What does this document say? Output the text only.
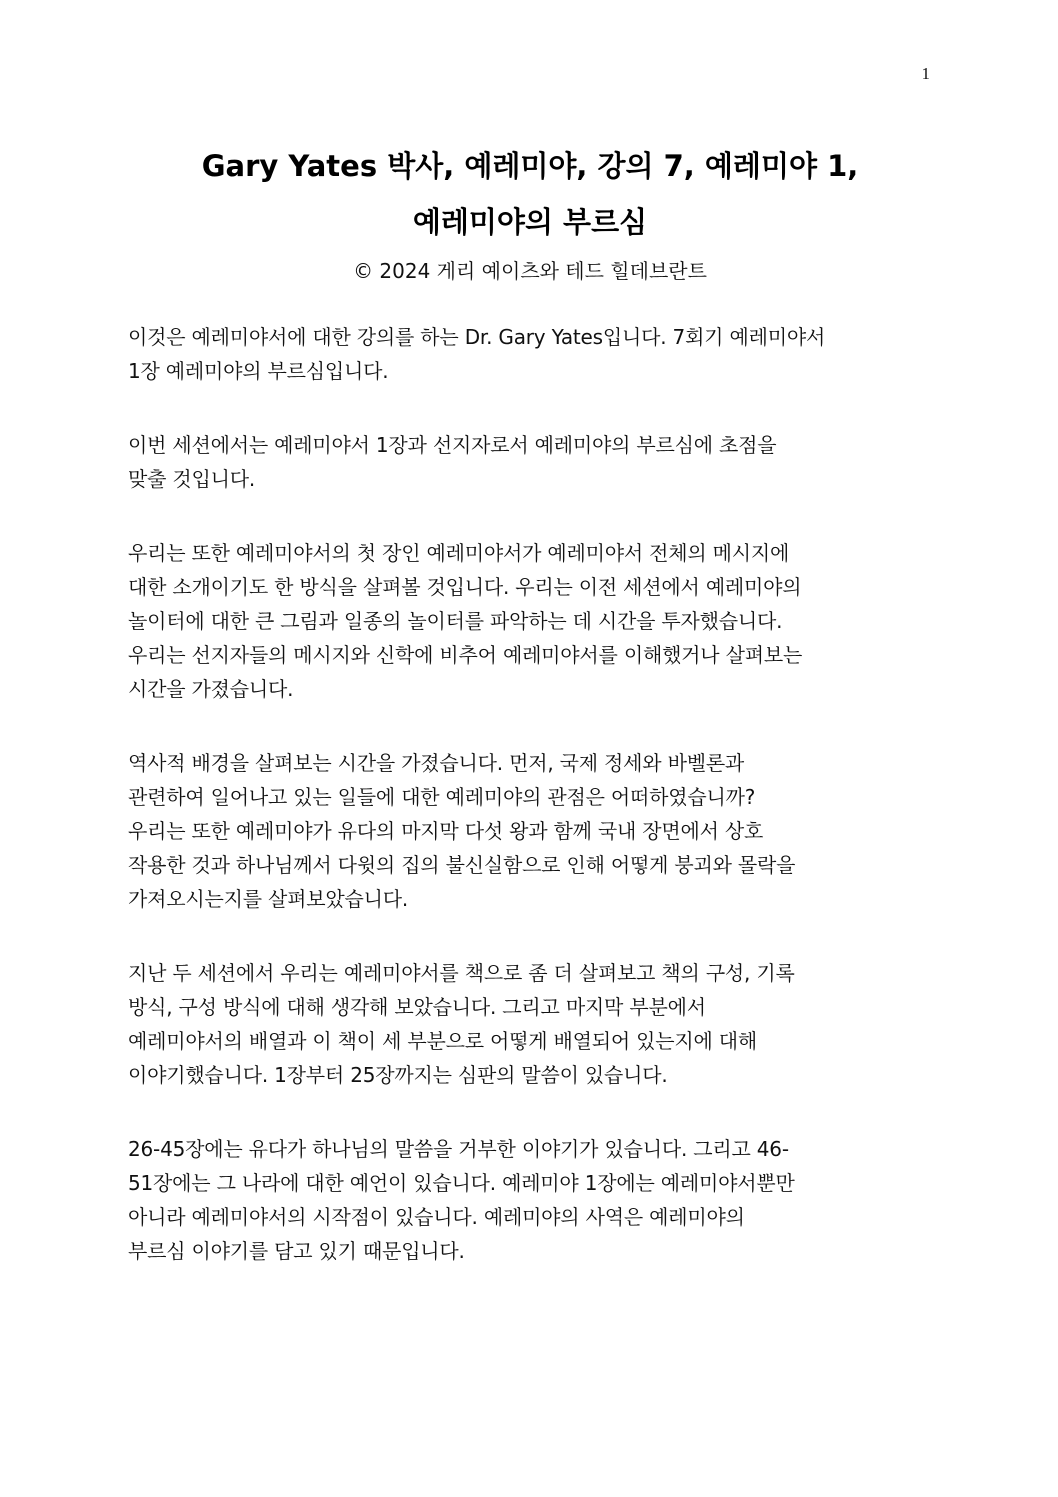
1
Gary Yates 박사, 예레미야, 강의 7, 예레미야 1,
예레미야의 부르심
© 2024 게리 예이츠와 테드 힐데브란트

이것은 예레미야서에 대한 강의를 하는 Dr. Gary Yates입니다. 7회기 예레미야서
1장 예레미야의 부르심입니다.

이번 세션에서는 예레미야서 1장과 선지자로서 예레미야의 부르심에 초점을
맞출 것입니다.

우리는 또한 예레미야서의 첫 장인 예레미야서가 예레미야서 전체의 메시지에
대한 소개이기도 한 방식을 살펴볼 것입니다. 우리는 이전 세션에서 예레미야의
놀이터에 대한 큰 그림과 일종의 놀이터를 파악하는 데 시간을 투자했습니다.
우리는 선지자들의 메시지와 신학에 비추어 예레미야서를 이해했거나 살펴보는
시간을 가졌습니다.

역사적 배경을 살펴보는 시간을 가졌습니다. 먼저, 국제 정세와 바벨론과
관련하여 일어나고 있는 일들에 대한 예레미야의 관점은 어떠하였습니까?
우리는 또한 예레미야가 유다의 마지막 다섯 왕과 함께 국내 장면에서 상호
작용한 것과 하나님께서 다윗의 집의 불신실함으로 인해 어떻게 붕괴와 몰락을
가져오시는지를 살펴보았습니다.

지난 두 세션에서 우리는 예레미야서를 책으로 좀 더 살펴보고 책의 구성, 기록
방식, 구성 방식에 대해 생각해 보았습니다. 그리고 마지막 부분에서
예레미야서의 배열과 이 책이 세 부분으로 어떻게 배열되어 있는지에 대해
이야기했습니다. 1장부터 25장까지는 심판의 말씀이 있습니다.

26-45장에는 유다가 하나님의 말씀을 거부한 이야기가 있습니다. 그리고 46-
51장에는 그 나라에 대한 예언이 있습니다. 예레미야 1장에는 예레미야서뿐만
아니라 예레미야서의 시작점이 있습니다. 예레미야의 사역은 예레미야의
부르심 이야기를 담고 있기 때문입니다.
